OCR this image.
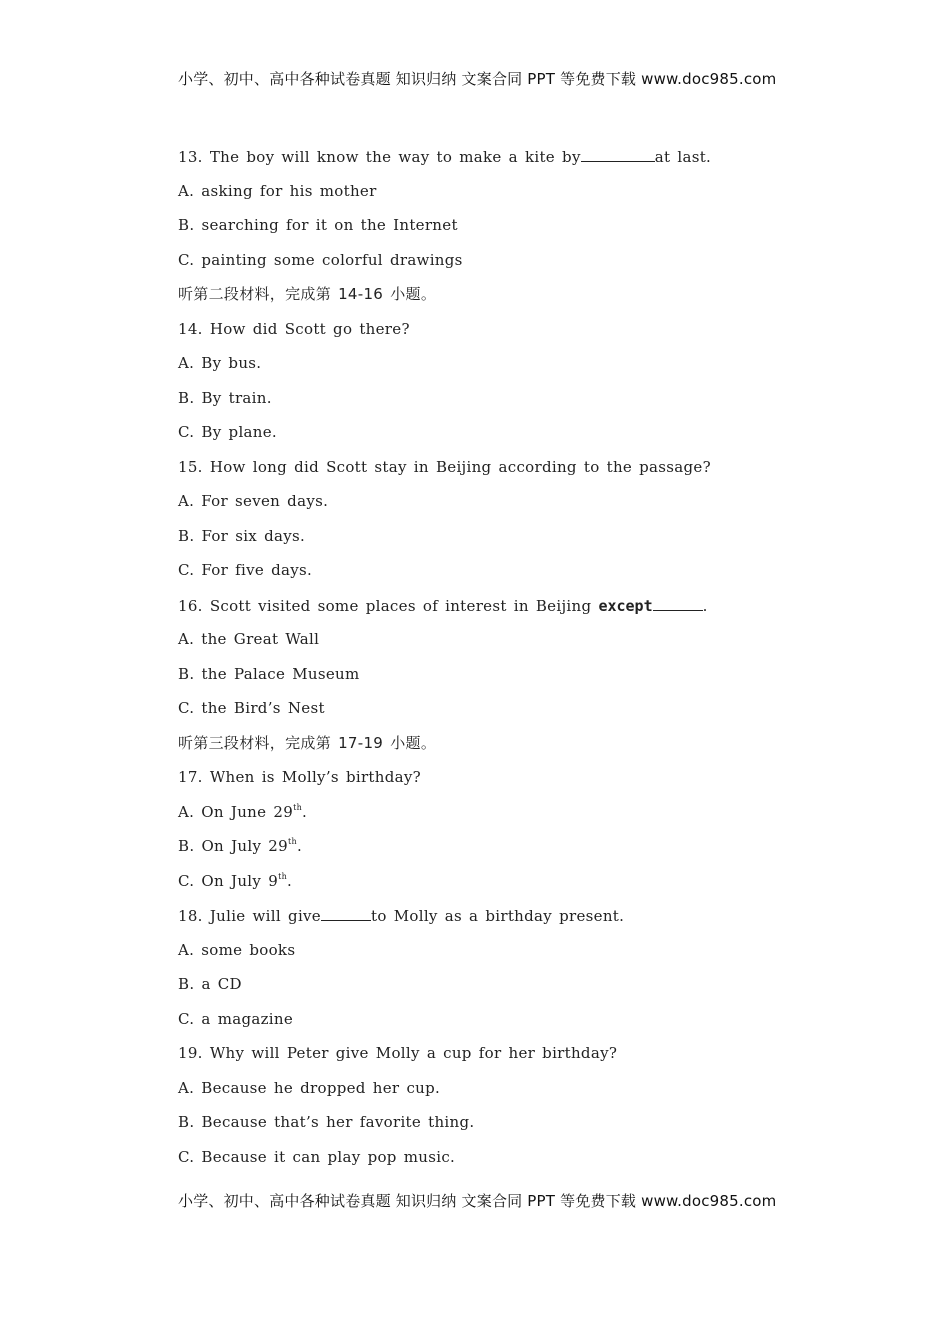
小学、初中、高中各种试卷真题 知识归纳 文案合同 PPT 等免费下载 www.doc985.com
13. The boy will know the way to make a kite by	at last.
A. asking for his mother
B. searching for it on the Internet
C. painting some colorful drawings
听第二段材料，完成第 14-16 小题。
14. How did Scott go there?
A. By bus.
B. By train.
C. By plane.
15. How long did Scott stay in Beijing according to the passage?
A. For seven days.
B. For six days.
C. For five days.
16. Scott visited some places of interest in Beijing except	.
A. the Great Wall
B. the Palace Museum
C. the Bird’s Nest
听第三段材料，完成第 17-19 小题。
17. When is Molly’s birthday?
A. On June 29th.
B. On July 29th.
C. On July 9th.
18. Julie will give	to Molly as a birthday present.
A. some books
B. a CD
C. a magazine
19. Why will Peter give Molly a cup for her birthday?
A. Because he dropped her cup.
B. Because that’s her favorite thing.
C. Because it can play pop music.
小学、初中、高中各种试卷真题 知识归纳 文案合同 PPT 等免费下载 www.doc985.com
